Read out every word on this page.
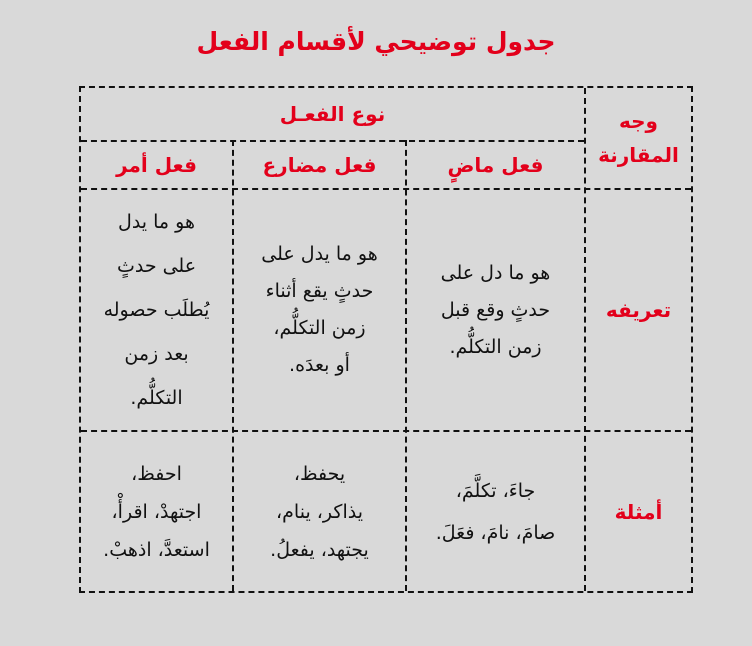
جدول توضيحي لأقسام الفعل
وجه
المقارنة
نوع الفعـل
فعل ماضٍ
فعل مضارع
فعل أمر
تعريفه
أمثلة
هو ما دل على
حدثٍ وقع قبل
زمن التكلُّم.
هو ما يدل على
حدثٍ يقع أثناء
زمن التكلُّم،
أو بعدَه.
هو ما يدل
على حدثٍ
يُطلَب حصوله
بعد زمن
التكلُّم.
جاءَ، تكلَّمَ،
صامَ، نامَ، فعَلَ.
يحفظ،
يذاكر، ينام،
يجتهد، يفعلُ.
احفظ،
اجتهدْ، اقرأْ،
استعدَّ، اذهبْ.
